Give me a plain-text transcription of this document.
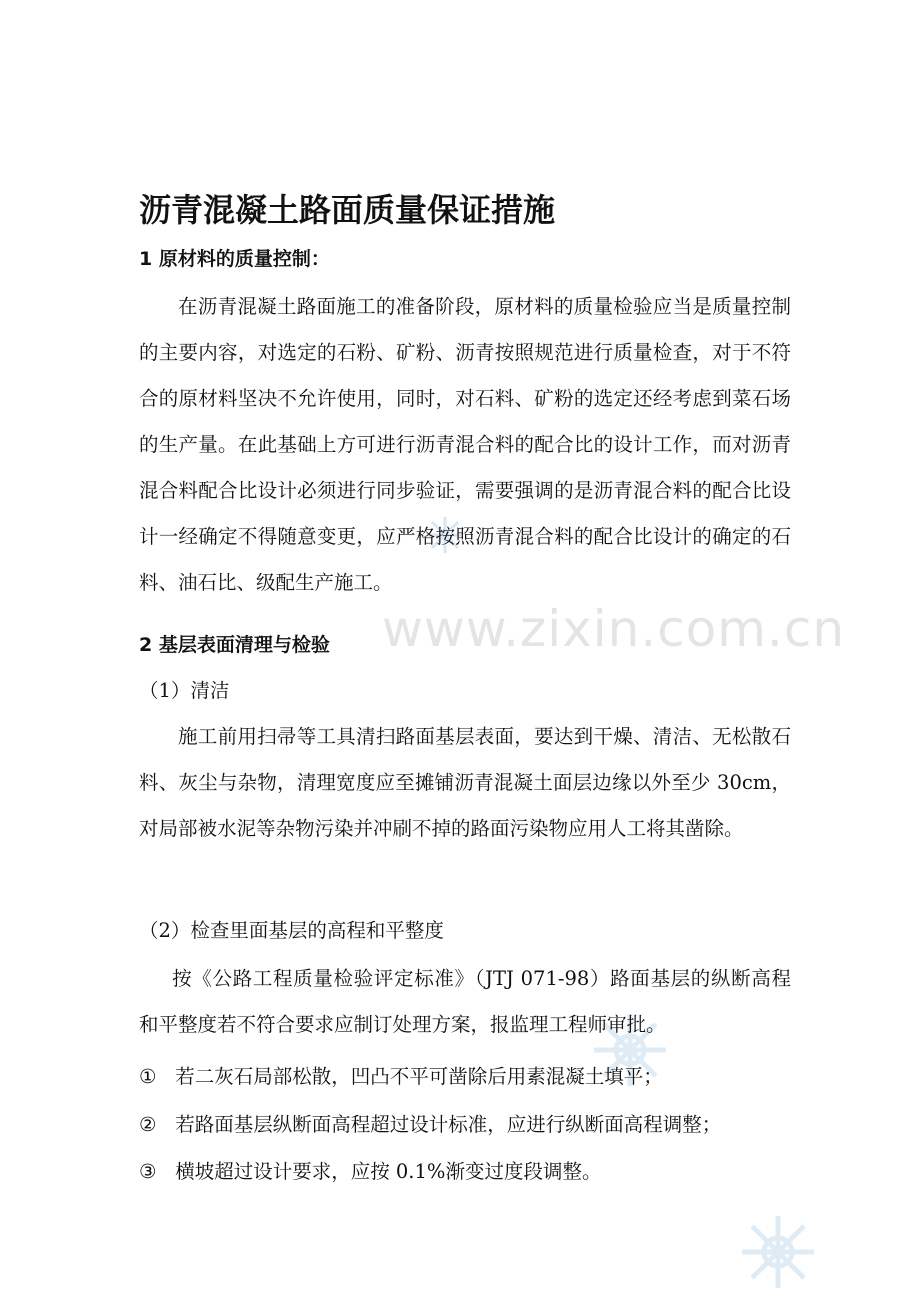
www.zixin.com.cn
沥青混凝土路面质量保证措施
1 原材料的质量控制：

在沥青混凝土路面施工的准备阶段，原材料的质量检验应当是质量控制的主要内容，对选定的石粉、矿粉、沥青按照规范进行质量检查，对于不符合的原材料坚决不允许使用，同时，对石料、矿粉的选定还经考虑到菜石场的生产量。在此基础上方可进行沥青混合料的配合比的设计工作，而对沥青混合料配合比设计必须进行同步验证，需要强调的是沥青混合料的配合比设计一经确定不得随意变更，应严格按照沥青混合料的配合比设计的确定的石料、油石比、级配生产施工。

2 基层表面清理与检验
（1）清洁

施工前用扫帚等工具清扫路面基层表面，要达到干燥、清洁、无松散石料、灰尘与杂物，清理宽度应至摊铺沥青混凝土面层边缘以外至少 30cm，对局部被水泥等杂物污染并冲刷不掉的路面污染物应用人工将其凿除。

（2）检查里面基层的高程和平整度

按《公路工程质量检验评定标准》（JTJ 071-98）路面基层的纵断高程和平整度若不符合要求应制订处理方案，报监理工程师审批。

① 若二灰石局部松散，凹凸不平可凿除后用素混凝土填平；
② 若路面基层纵断面高程超过设计标准，应进行纵断面高程调整；
③ 横坡超过设计要求，应按 0.1%渐变过度段调整。
